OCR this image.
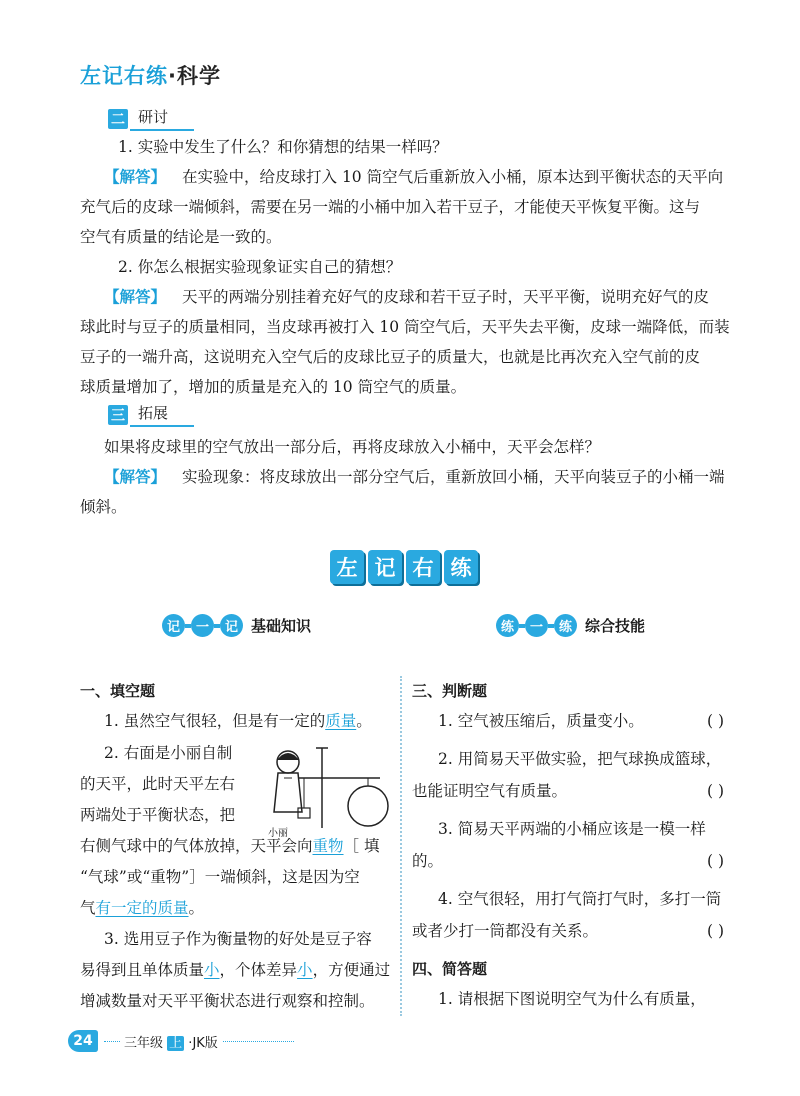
左记右练·科学
二 研讨
1. 实验中发生了什么？和你猜想的结果一样吗？
【解答】 在实验中，给皮球打入 10 筒空气后重新放入小桶，原本达到平衡状态的天平向
充气后的皮球一端倾斜，需要在另一端的小桶中加入若干豆子，才能使天平恢复平衡。这与
空气有质量的结论是一致的。
2. 你怎么根据实验现象证实自己的猜想？
【解答】 天平的两端分别挂着充好气的皮球和若干豆子时，天平平衡，说明充好气的皮
球此时与豆子的质量相同，当皮球再被打入 10 筒空气后，天平失去平衡，皮球一端降低，而装
豆子的一端升高，这说明充入空气后的皮球比豆子的质量大，也就是比再次充入空气前的皮
球质量增加了，增加的质量是充入的 10 筒空气的质量。
三 拓展
如果将皮球里的空气放出一部分后，再将皮球放入小桶中，天平会怎样？
【解答】 实验现象：将皮球放出一部分空气后，重新放回小桶，天平向装豆子的小桶一端
倾斜。
左 记 右 练
记	一	记 基础知识	练	一	练 综合技能
一、填空题
1. 虽然空气很轻，但是有一定的质量。
2. 右面是小丽自制
的天平，此时天平左右
两端处于平衡状态，把
右侧气球中的气体放掉，天平会向重物［ 填
“气球”或“重物”］一端倾斜，这是因为空
气有一定的质量。
小丽
3. 选用豆子作为衡量物的好处是豆子容
易得到且单体质量小，个体差异小，方便通过
增减数量对天平平衡状态进行观察和控制。
三、判断题
1. 空气被压缩后，质量变小。	( )
2. 用简易天平做实验，把气球换成篮球，
也能证明空气有质量。	( )
3. 简易天平两端的小桶应该是一模一样
的。	( )
4. 空气很轻，用打气筒打气时，多打一筒
或者少打一筒都没有关系。	( )
四、简答题
1. 请根据下图说明空气为什么有质量，
24	三年级 上 ·JK版
